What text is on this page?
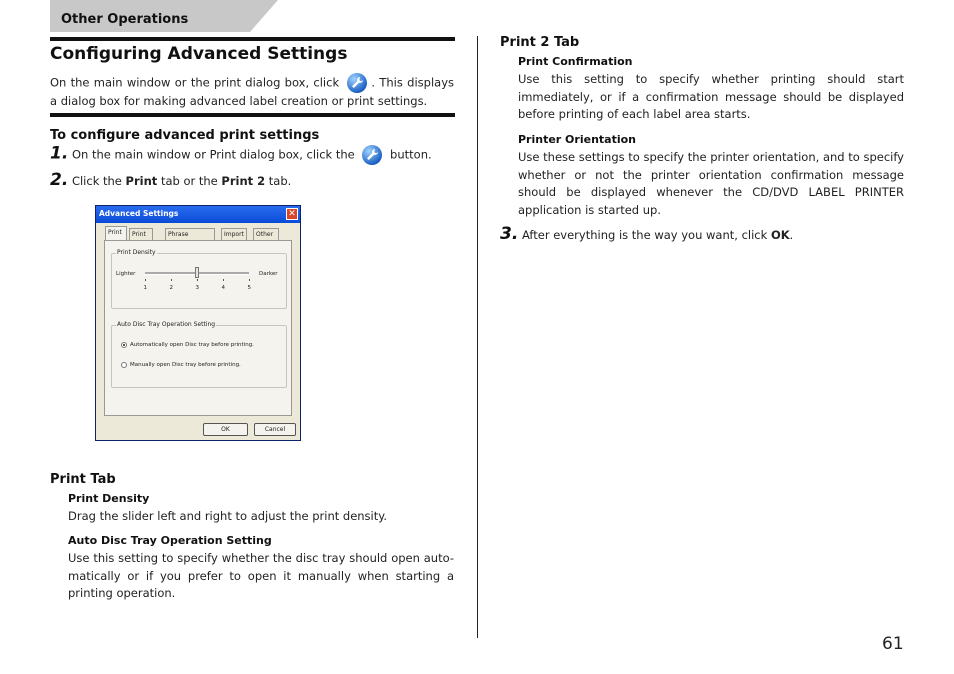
Other Operations
Configuring Advanced Settings
On the main window or the print dialog box, click	. This displays a dialog box for making advanced label creation or print settings.
To configure advanced print settings
1. On the main window or Print dialog box, click the	button.
2. Click the Print tab or the Print 2 tab.
Advanced Settings	✕
Print	Print	Phrase	Import	Other
Print Density
Lighter	Darker
1	2	3	4	5
Auto Disc Tray Operation Setting
Automatically open Disc tray before printing.
Manually open Disc tray before printing.
OK	Cancel
Print Tab
Print Density
Drag the slider left and right to adjust the print density.
Auto Disc Tray Operation Setting
Use this setting to specify whether the disc tray should open auto-matically or if you prefer to open it manually when starting a printing operation.
Print 2 Tab
Print Confirmation
Use this setting to specify whether printing should start immediately, or if a confirmation message should be displayed before printing of each label area starts.
Printer Orientation
Use these settings to specify the printer orientation, and to specify whether or not the printer orientation confirmation message should be displayed whenever the CD/DVD LABEL PRINTER application is started up.
3. After everything is the way you want, click OK.
61
